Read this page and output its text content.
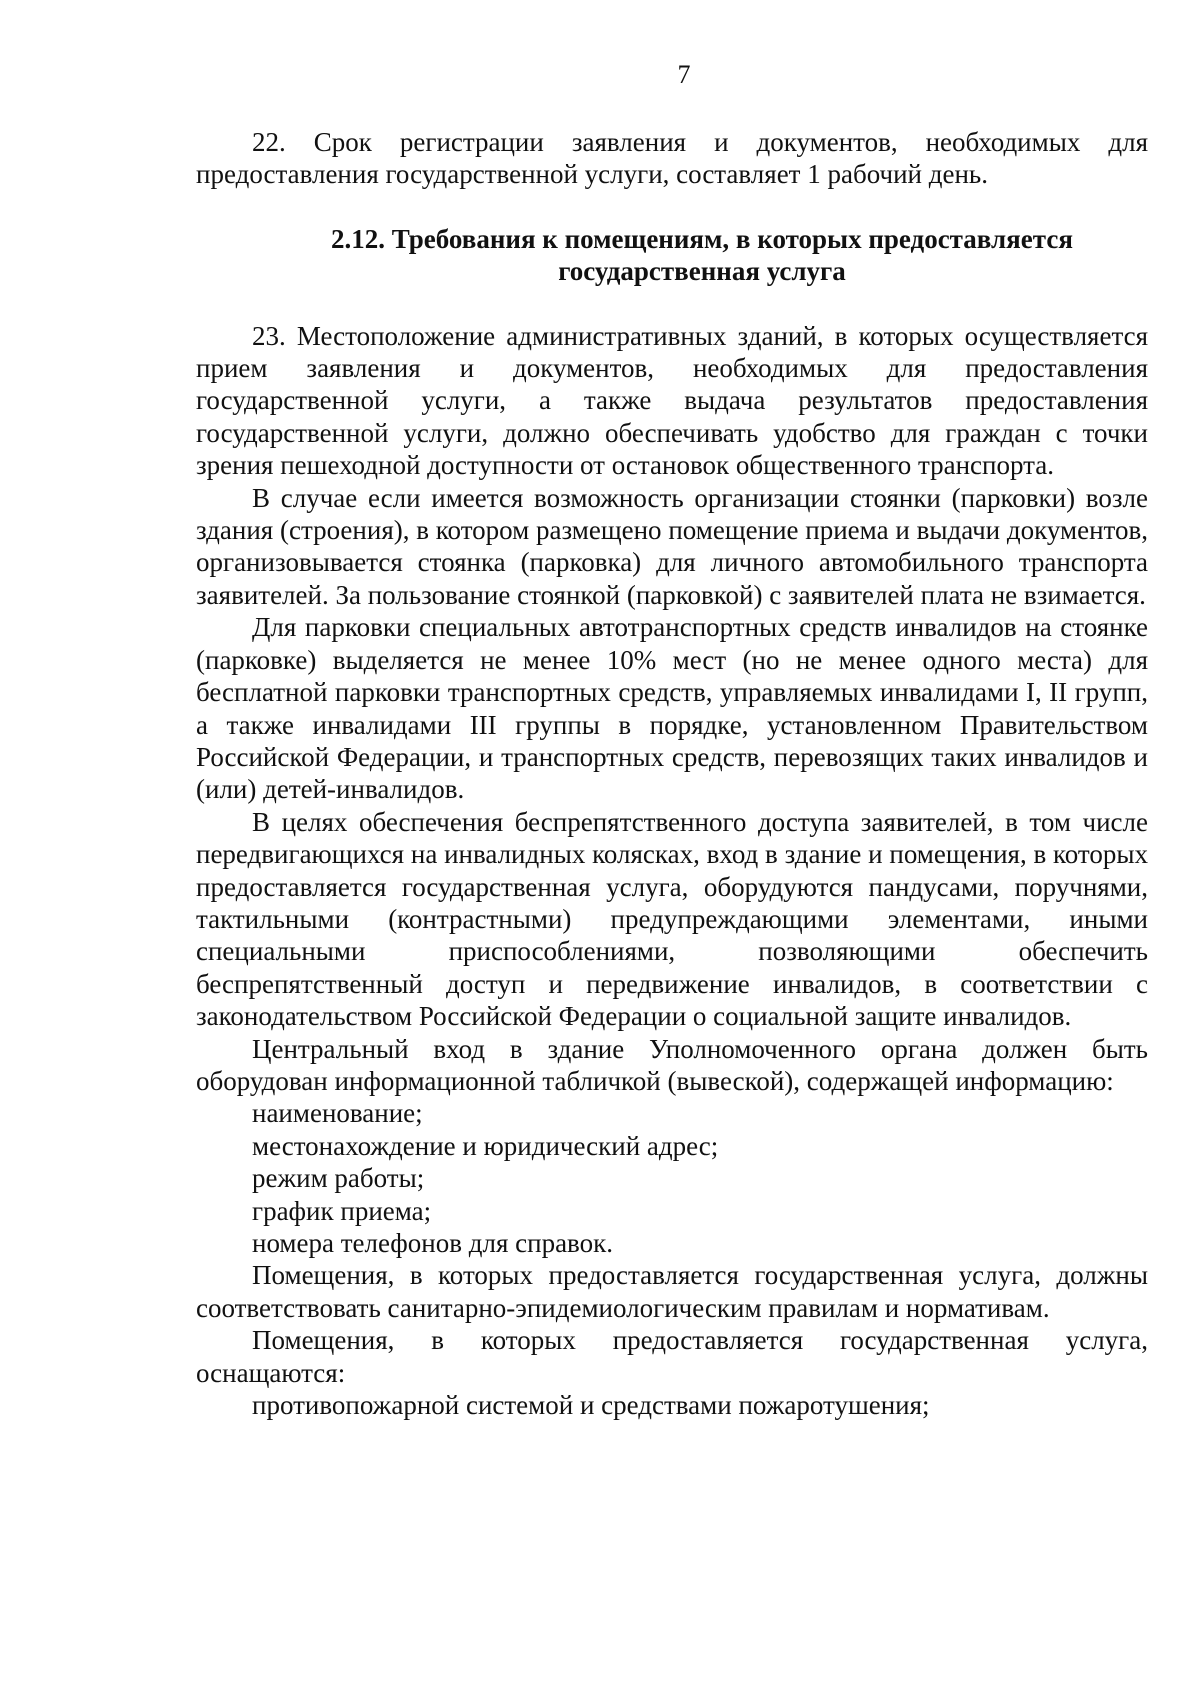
7

22. Срок регистрации заявления и документов, необходимых для предоставления государственной услуги, составляет 1 рабочий день.

2.12. Требования к помещениям, в которых предоставляется
государственная услуга

23. Местоположение административных зданий, в которых осуществляется прием заявления и документов, необходимых для предоставления государственной услуги, а также выдача результатов предоставления государственной услуги, должно обеспечивать удобство для граждан с точки зрения пешеходной доступности от остановок общественного транспорта.

В случае если имеется возможность организации стоянки (парковки) возле здания (строения), в котором размещено помещение приема и выдачи документов, организовывается стоянка (парковка) для личного автомобильного транспорта заявителей. За пользование стоянкой (парковкой) с заявителей плата не взимается.

Для парковки специальных автотранспортных средств инвалидов на стоянке (парковке) выделяется не менее 10% мест (но не менее одного места) для бесплатной парковки транспортных средств, управляемых инвалидами I, II групп, а также инвалидами III группы в порядке, установленном Правительством Российской Федерации, и транспортных средств, перевозящих таких инвалидов и (или) детей-инвалидов.

В целях обеспечения беспрепятственного доступа заявителей, в том числе передвигающихся на инвалидных колясках, вход в здание и помещения, в которых предоставляется государственная услуга, оборудуются пандусами, поручнями, тактильными (контрастными) предупреждающими элементами, иными специальными приспособлениями, позволяющими обеспечить беспрепятственный доступ и передвижение инвалидов, в соответствии с законодательством Российской Федерации о социальной защите инвалидов.

Центральный вход в здание Уполномоченного органа должен быть оборудован информационной табличкой (вывеской), содержащей информацию:

наименование;

местонахождение и юридический адрес;

режим работы;

график приема;

номера телефонов для справок.

Помещения, в которых предоставляется государственная услуга, должны соответствовать санитарно-эпидемиологическим правилам и нормативам.

Помещения, в которых предоставляется государственная услуга, оснащаются:

противопожарной системой и средствами пожаротушения;
